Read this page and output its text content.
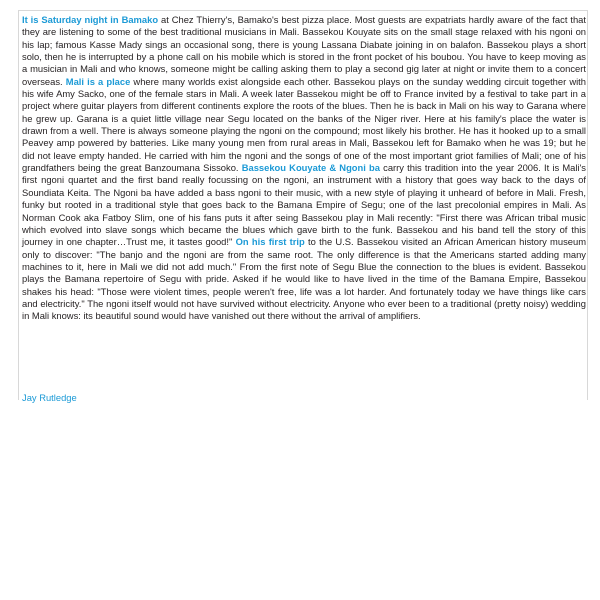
It is Saturday night in Bamako at Chez Thierry's, Bamako's best pizza place. Most guests are expatriats hardly aware of the fact that they are listening to some of the best traditional musicians in Mali. Bassekou Kouyate sits on the small stage relaxed with his ngoni on his lap; famous Kasse Mady sings an occasional song, there is young Lassana Diabate joining in on balafon. Bassekou plays a short solo, then he is interrupted by a phone call on his mobile which is stored in the front pocket of his boubou. You have to keep moving as a musician in Mali and who knows, someone might be calling asking them to play a second gig later at night or invite them to a concert overseas. Mali is a place where many worlds exist alongside each other. Bassekou plays on the sunday wedding circuit together with his wife Amy Sacko, one of the female stars in Mali. A week later Bassekou might be off to France invited by a festival to take part in a project where guitar players from different continents explore the roots of the blues. Then he is back in Mali on his way to Garana where he grew up. Garana is a quiet little village near Segu located on the banks of the Niger river. Here at his family's place the water is drawn from a well. There is always someone playing the ngoni on the compound; most likely his brother. He has it hooked up to a small Peavey amp powered by batteries. Like many young men from rural areas in Mali, Bassekou left for Bamako when he was 19; but he did not leave empty handed. He carried with him the ngoni and the songs of one of the most important griot families of Mali; one of his grandfathers being the great Banzoumana Sissoko. Bassekou Kouyate & Ngoni ba carry this tradition into the year 2006. It is Mali's first ngoni quartet and the first band really focussing on the ngoni, an instrument with a history that goes way back to the days of Soundiata Keita. The Ngoni ba have added a bass ngoni to their music, with a new style of playing it unheard of before in Mali. Fresh, funky but rooted in a traditional style that goes back to the Bamana Empire of Segu; one of the last precolonial empires in Mali. As Norman Cook aka Fatboy Slim, one of his fans puts it after seing Bassekou play in Mali recently: "First there was African tribal music which evolved into slave songs which became the blues which gave birth to the funk. Bassekou and his band tell the story of this journey in one chapter…Trust me, it tastes good!" On his first trip to the U.S. Bassekou visited an African American history museum only to discover: "The banjo and the ngoni are from the same root. The only difference is that the Americans started adding many machines to it, here in Mali we did not add much." From the first note of Segu Blue the connection to the blues is evident. Bassekou plays the Bamana repertoire of Segu with pride. Asked if he would like to have lived in the time of the Bamana Empire, Bassekou shakes his head: "Those were violent times, people weren't free, life was a lot harder. And fortunately today we have things like cars and electricity." The ngoni itself would not have survived without electricity. Anyone who ever been to a traditional (pretty noisy) wedding in Mali knows: its beautiful sound would have vanished out there without the arrival of amplifiers.
Jay Rutledge
